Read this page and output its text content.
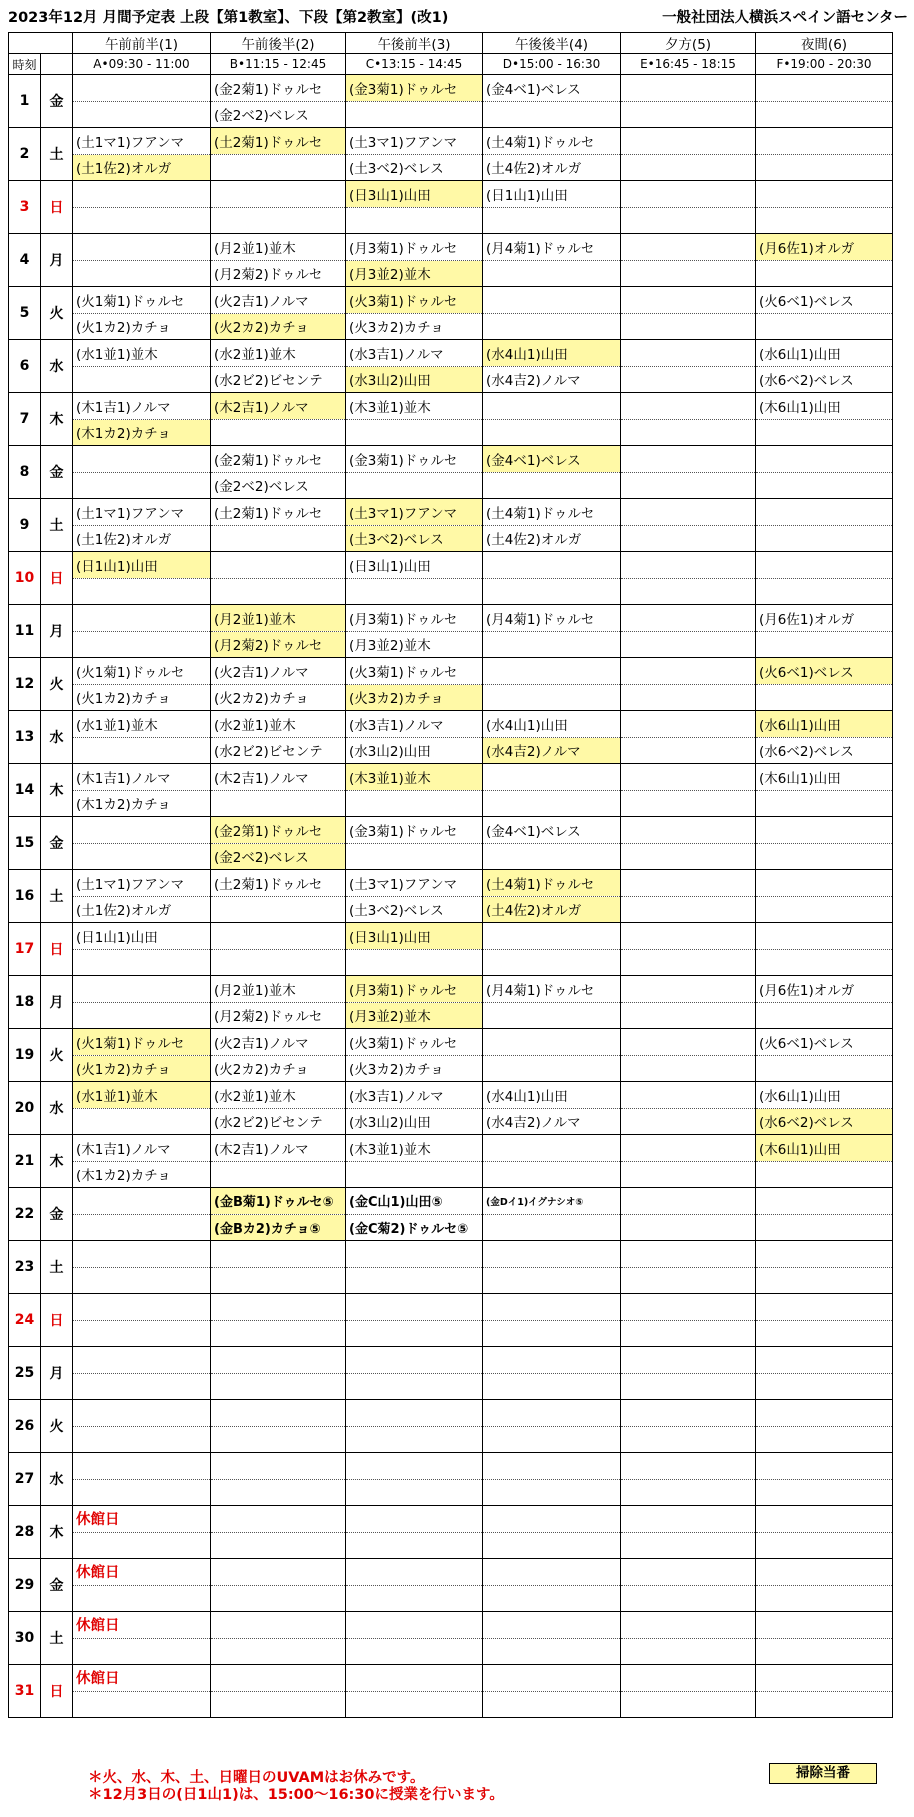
2023年12月 月間予定表 上段【第1教室】、下段【第2教室】(改1)	一般社団法人横浜スペイン語センター
		午前前半(1)	午前後半(2)	午後前半(3)	午後後半(4)	夕方(5)	夜間(6)
時刻		A•09:30 - 11:00	B•11:15 - 12:45	C•13:15 - 14:45	D•15:00 - 16:30	E•16:45 - 18:15	F•19:00 - 20:30
1	金		(金2菊1)ドゥルセ	(金3菊1)ドゥルセ	(金4ベ1)ベレス		
			(金2ベ2)ベレス				
2	土	(土1マ1)フアンマ	(土2菊1)ドゥルセ	(土3マ1)フアンマ	(土4菊1)ドゥルセ		
		(土1佐2)オルガ		(土3ベ2)ベレス	(土4佐2)オルガ		
3	日			(日3山1)山田	(日1山1)山田		

4	月		(月2並1)並木	(月3菊1)ドゥルセ	(月4菊1)ドゥルセ		(月6佐1)オルガ
			(月2菊2)ドゥルセ	(月3並2)並木			
5	火	(火1菊1)ドゥルセ	(火2吉1)ノルマ	(火3菊1)ドゥルセ			(火6ベ1)ベレス
		(火1カ2)カチョ	(火2カ2)カチョ	(火3カ2)カチョ			
6	水	(水1並1)並木	(水2並1)並木	(水3吉1)ノルマ	(水4山1)山田		(水6山1)山田
			(水2ビ2)ビセンテ	(水3山2)山田	(水4吉2)ノルマ		(水6ベ2)ベレス
7	木	(木1吉1)ノルマ	(木2吉1)ノルマ	(木3並1)並木			(木6山1)山田
		(木1カ2)カチョ					
8	金		(金2菊1)ドゥルセ	(金3菊1)ドゥルセ	(金4ベ1)ベレス		
			(金2ベ2)ベレス				
9	土	(土1マ1)フアンマ	(土2菊1)ドゥルセ	(土3マ1)フアンマ	(土4菊1)ドゥルセ		
		(土1佐2)オルガ		(土3ベ2)ベレス	(土4佐2)オルガ		
10	日	(日1山1)山田		(日3山1)山田			

11	月		(月2並1)並木	(月3菊1)ドゥルセ	(月4菊1)ドゥルセ		(月6佐1)オルガ
			(月2菊2)ドゥルセ	(月3並2)並木			
12	火	(火1菊1)ドゥルセ	(火2吉1)ノルマ	(火3菊1)ドゥルセ			(火6ベ1)ベレス
		(火1カ2)カチョ	(火2カ2)カチョ	(火3カ2)カチョ			
13	水	(水1並1)並木	(水2並1)並木	(水3吉1)ノルマ	(水4山1)山田		(水6山1)山田
			(水2ビ2)ビセンテ	(水3山2)山田	(水4吉2)ノルマ		(水6ベ2)ベレス
14	木	(木1吉1)ノルマ	(木2吉1)ノルマ	(木3並1)並木			(木6山1)山田
		(木1カ2)カチョ					
15	金		(金2第1)ドゥルセ	(金3菊1)ドゥルセ	(金4ベ1)ベレス		
			(金2ベ2)ベレス				
16	土	(土1マ1)フアンマ	(土2菊1)ドゥルセ	(土3マ1)フアンマ	(土4菊1)ドゥルセ		
		(土1佐2)オルガ		(土3ベ2)ベレス	(土4佐2)オルガ		
17	日	(日1山1)山田		(日3山1)山田			

18	月		(月2並1)並木	(月3菊1)ドゥルセ	(月4菊1)ドゥルセ		(月6佐1)オルガ
			(月2菊2)ドゥルセ	(月3並2)並木			
19	火	(火1菊1)ドゥルセ	(火2吉1)ノルマ	(火3菊1)ドゥルセ			(火6ベ1)ベレス
		(火1カ2)カチョ	(火2カ2)カチョ	(火3カ2)カチョ			
20	水	(水1並1)並木	(水2並1)並木	(水3吉1)ノルマ	(水4山1)山田		(水6山1)山田
			(水2ビ2)ビセンテ	(水3山2)山田	(水4吉2)ノルマ		(水6ベ2)ベレス
21	木	(木1吉1)ノルマ	(木2吉1)ノルマ	(木3並1)並木			(木6山1)山田
		(木1カ2)カチョ					
22	金		(金B菊1)ドゥルセ⑤	(金C山1)山田⑤	(金Dイ1)イグナシオ⑤		
			(金Bカ2)カチョ⑤	(金C菊2)ドゥルセ⑤			
23	土						

24	日						

25	月						

26	火						

27	水						

28	木	休館日					

29	金	休館日					

30	土	休館日					

31	日	休館日					

＊火、水、木、土、日曜日のUVAMはお休みです。
＊12月3日の(日1山1)は、15:00〜16:30に授業を行います。
掃除当番
